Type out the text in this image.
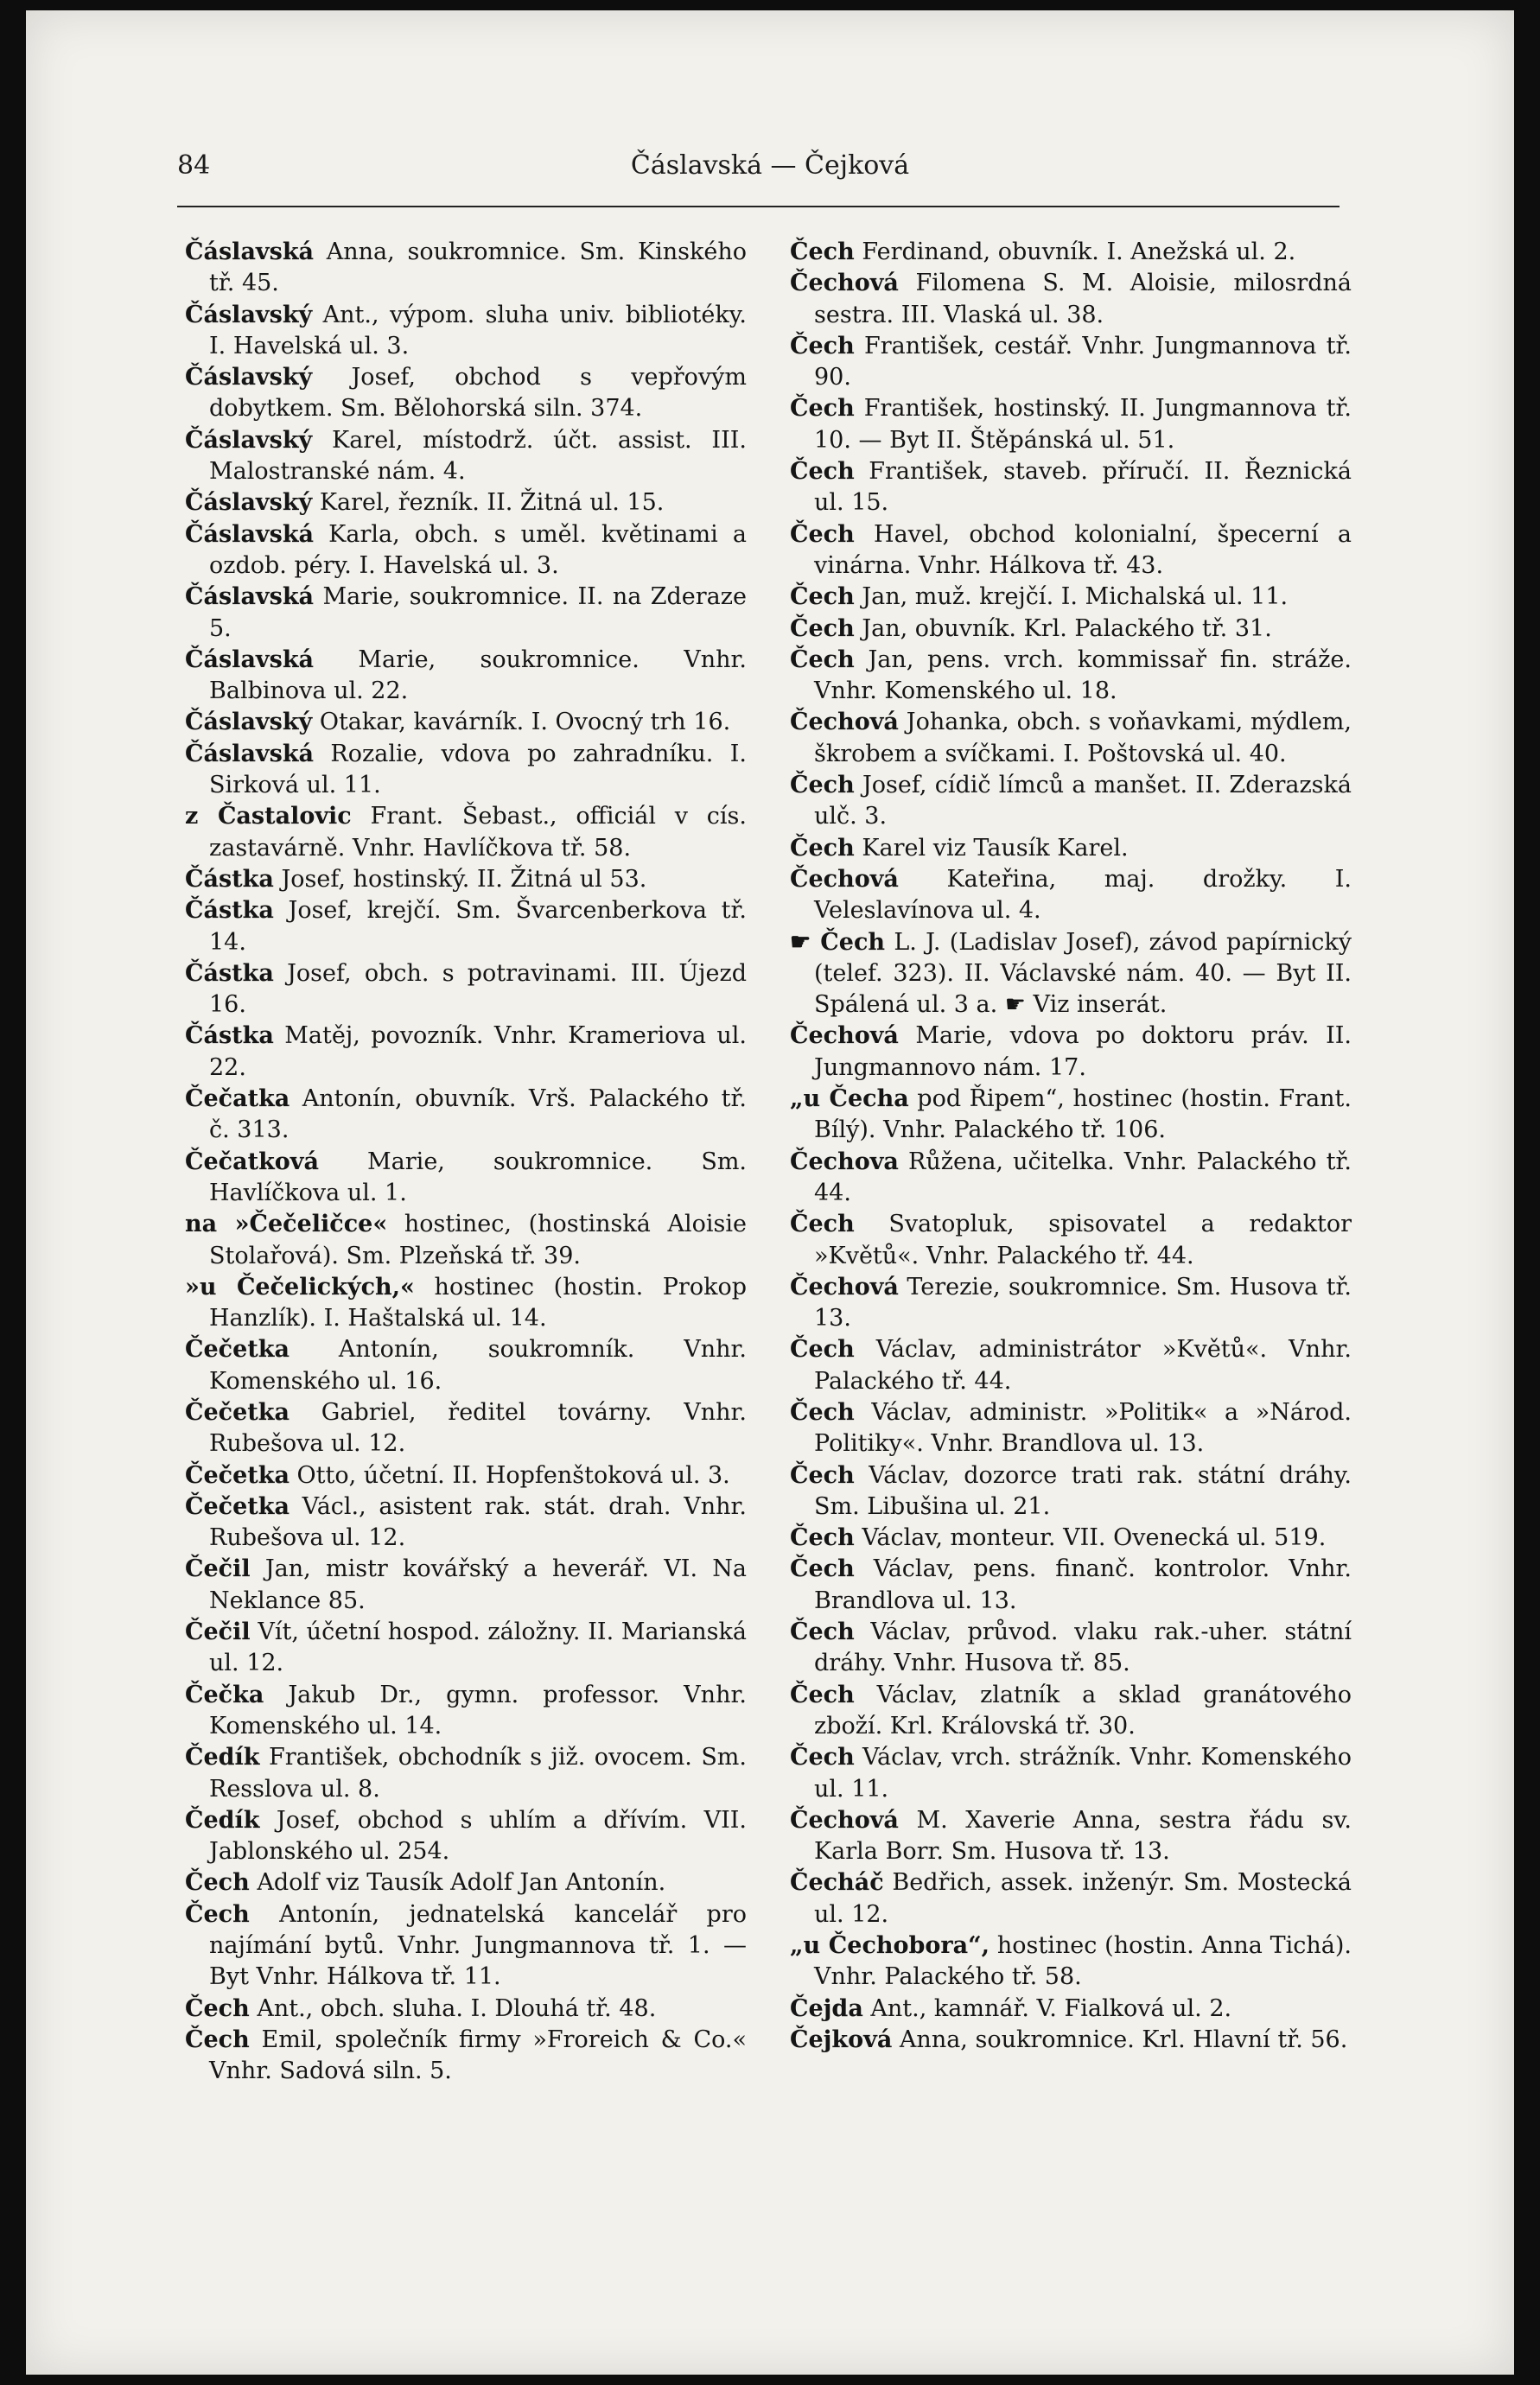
84	Čáslavská — Čejková

Čáslavská Anna, soukromnice. Sm. Kinského tř. 45.

Čáslavský Ant., výpom. sluha univ. bibliotéky. I. Havelská ul. 3.

Čáslavský Josef, obchod s vepřovým dobytkem. Sm. Bělohorská siln. 374.

Čáslavský Karel, místodrž. účt. assist. III. Malostranské nám. 4.

Čáslavský Karel, řezník. II. Žitná ul. 15.

Čáslavská Karla, obch. s uměl. květinami a ozdob. péry. I. Havelská ul. 3.

Čáslavská Marie, soukromnice. II. na Zderaze 5.

Čáslavská Marie, soukromnice. Vnhr. Balbinova ul. 22.

Čáslavský Otakar, kavárník. I. Ovocný trh 16.

Čáslavská Rozalie, vdova po zahradníku. I. Sirková ul. 11.

z Častalovic Frant. Šebast., officiál v cís. zastavárně. Vnhr. Havlíčkova tř. 58.

Částka Josef, hostinský. II. Žitná ul 53.

Částka Josef, krejčí. Sm. Švarcenberkova tř. 14.

Částka Josef, obch. s potravinami. III. Újezd 16.

Částka Matěj, povozník. Vnhr. Krameriova ul. 22.

Čečatka Antonín, obuvník. Vrš. Palackého tř. č. 313.

Čečatková Marie, soukromnice. Sm. Havlíčkova ul. 1.

na »Čečeličce« hostinec, (hostinská Aloisie Stolařová). Sm. Plzeňská tř. 39.

»u Čečelických,« hostinec (hostin. Prokop Hanzlík). I. Haštalská ul. 14.

Čečetka Antonín, soukromník. Vnhr. Komenského ul. 16.

Čečetka Gabriel, ředitel továrny. Vnhr. Rubešova ul. 12.

Čečetka Otto, účetní. II. Hopfenštoková ul. 3.

Čečetka Václ., asistent rak. stát. drah. Vnhr. Rubešova ul. 12.

Čečil Jan, mistr kovářský a heverář. VI. Na Neklance 85.

Čečil Vít, účetní hospod. záložny. II. Marianská ul. 12.

Čečka Jakub Dr., gymn. professor. Vnhr. Komenského ul. 14.

Čedík František, obchodník s již. ovocem. Sm. Resslova ul. 8.

Čedík Josef, obchod s uhlím a dřívím. VII. Jablonského ul. 254.

Čech Adolf viz Tausík Adolf Jan Antonín.

Čech Antonín, jednatelská kancelář pro najímání bytů. Vnhr. Jungmannova tř. 1. — Byt Vnhr. Hálkova tř. 11.

Čech Ant., obch. sluha. I. Dlouhá tř. 48.

Čech Emil, společník firmy »Froreich & Co.« Vnhr. Sadová siln. 5.

Čech Ferdinand, obuvník. I. Anežská ul. 2.

Čechová Filomena S. M. Aloisie, milosrdná sestra. III. Vlaská ul. 38.

Čech František, cestář. Vnhr. Jungmannova tř. 90.

Čech František, hostinský. II. Jungmannova tř. 10. — Byt II. Štěpánská ul. 51.

Čech František, staveb. příručí. II. Řeznická ul. 15.

Čech Havel, obchod kolonialní, špecerní a vinárna. Vnhr. Hálkova tř. 43.

Čech Jan, muž. krejčí. I. Michalská ul. 11.

Čech Jan, obuvník. Krl. Palackého tř. 31.

Čech Jan, pens. vrch. kommissař fin. stráže. Vnhr. Komenského ul. 18.

Čechová Johanka, obch. s voňavkami, mýdlem, škrobem a svíčkami. I. Poštovská ul. 40.

Čech Josef, cídič límců a manšet. II. Zderazská ulč. 3.

Čech Karel viz Tausík Karel.

Čechová Kateřina, maj. drožky. I. Veleslavínova ul. 4.

☛ Čech L. J. (Ladislav Josef), závod papírnický (telef. 323). II. Václavské nám. 40. — Byt II. Spálená ul. 3 a. ☛ Viz inserát.

Čechová Marie, vdova po doktoru práv. II. Jungmannovo nám. 17.

„u Čecha pod Řipem“, hostinec (hostin. Frant. Bílý). Vnhr. Palackého tř. 106.

Čechova Růžena, učitelka. Vnhr. Palackého tř. 44.

Čech Svatopluk, spisovatel a redaktor »Květů«. Vnhr. Palackého tř. 44.

Čechová Terezie, soukromnice. Sm. Husova tř. 13.

Čech Václav, administrátor »Květů«. Vnhr. Palackého tř. 44.

Čech Václav, administr. »Politik« a »Národ. Politiky«. Vnhr. Brandlova ul. 13.

Čech Václav, dozorce trati rak. státní dráhy. Sm. Libušina ul. 21.

Čech Václav, monteur. VII. Ovenecká ul. 519.

Čech Václav, pens. finanč. kontrolor. Vnhr. Brandlova ul. 13.

Čech Václav, průvod. vlaku rak.-uher. státní dráhy. Vnhr. Husova tř. 85.

Čech Václav, zlatník a sklad granátového zboží. Krl. Královská tř. 30.

Čech Václav, vrch. strážník. Vnhr. Komenského ul. 11.

Čechová M. Xaverie Anna, sestra řádu sv. Karla Borr. Sm. Husova tř. 13.

Čecháč Bedřich, assek. inženýr. Sm. Mostecká ul. 12.

„u Čechobora“, hostinec (hostin. Anna Tichá). Vnhr. Palackého tř. 58.

Čejda Ant., kamnář. V. Fialková ul. 2.

Čejková Anna, soukromnice. Krl. Hlavní tř. 56.
